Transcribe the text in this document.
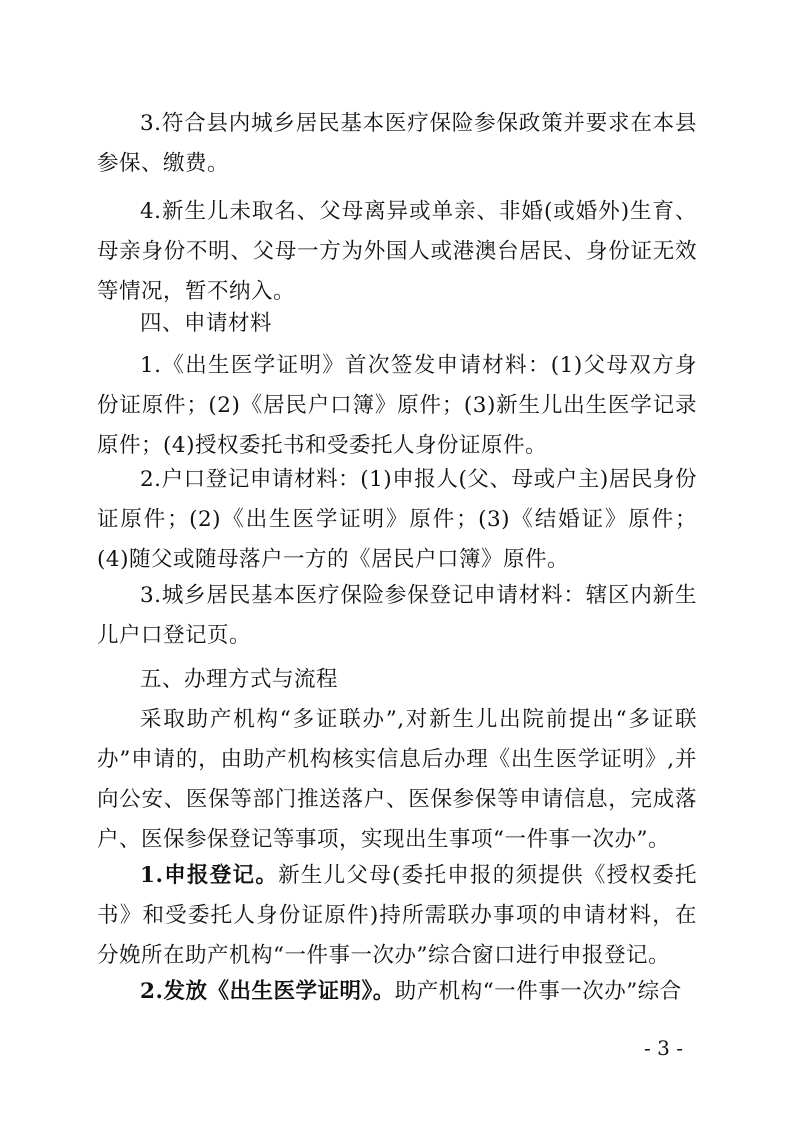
3.符合县内城乡居民基本医疗保险参保政策并要求在本县参保、缴费。

4.新生儿未取名、父母离异或单亲、非婚(或婚外)生育、母亲身份不明、父母一方为外国人或港澳台居民、身份证无效等情况，暂不纳入。

四、申请材料

1.《出生医学证明》首次签发申请材料：(1)父母双方身份证原件；(2)《居民户口簿》原件；(3)新生儿出生医学记录原件；(4)授权委托书和受委托人身份证原件。

2.户口登记申请材料：(1)申报人(父、母或户主)居民身份证原件；(2)《出生医学证明》原件；(3)《结婚证》原件；(4)随父或随母落户一方的《居民户口簿》原件。

3.城乡居民基本医疗保险参保登记申请材料：辖区内新生儿户口登记页。

五、办理方式与流程

采取助产机构“多证联办”,对新生儿出院前提出“多证联办”申请的，由助产机构核实信息后办理《出生医学证明》,并向公安、医保等部门推送落户、医保参保等申请信息，完成落户、医保参保登记等事项，实现出生事项“一件事一次办”。

1.申报登记。新生儿父母(委托申报的须提供《授权委托书》和受委托人身份证原件)持所需联办事项的申请材料，在分娩所在助产机构“一件事一次办”综合窗口进行申报登记。

2.发放《出生医学证明》。助产机构“一件事一次办”综合

- 3 -
